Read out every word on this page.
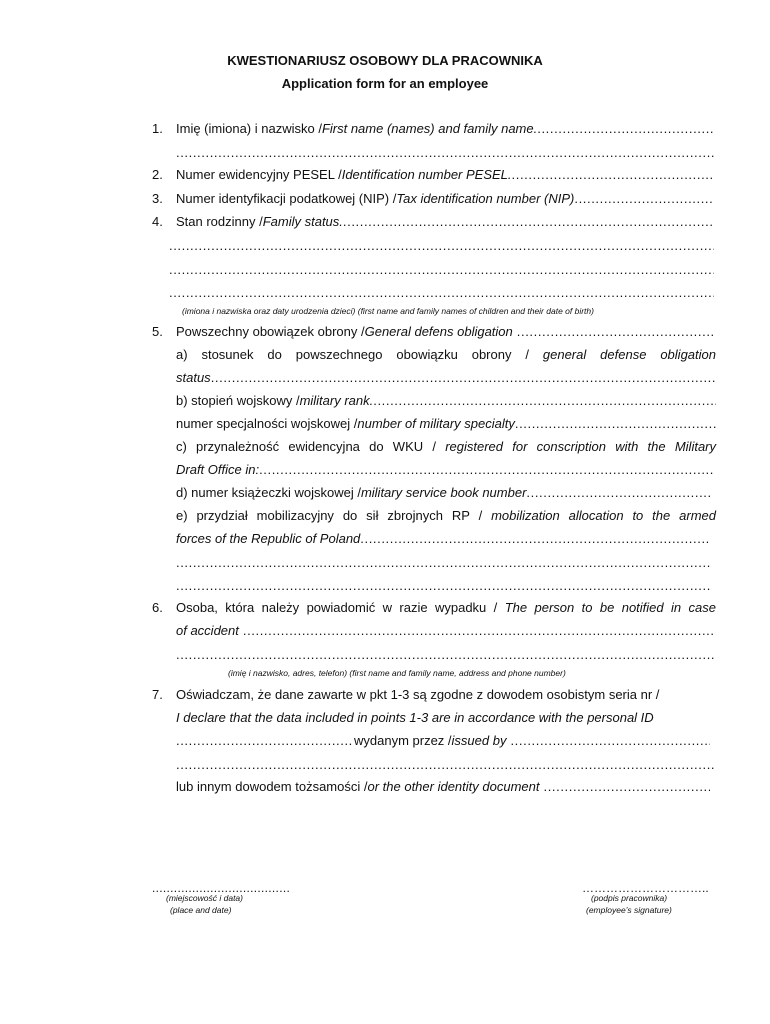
KWESTIONARIUSZ OSOBOWY DLA PRACOWNIKA
Application form for an employee
1. Imię (imiona) i nazwisko / First name (names) and family name.
.....
.....
2. Numer ewidencyjny PESEL / Identification number PESEL.
.....
3. Numer identyfikacji podatkowej (NIP) / Tax identification number (NIP)
.....
4. Stan rodzinny / Family status.
.....
.....
.....
.....
(imiona i nazwiska oraz daty urodzenia dzieci) (first name and family names of children and their date of birth)
5. Powszechny obowiązek obrony / General defens obligation
.....
a) stosunek do powszechnego obowiązku obrony / general defense obligation
status
.....
b) stopień wojskowy / military rank.
.....
numer specjalności wojskowej / number of military specialty
.....
c) przynależność ewidencyjna do WKU / registered for conscription with the Military
Draft Office in:
.....
d) numer książeczki wojskowej / military service book number
.....
e) przydział mobilizacyjny do sił zbrojnych RP / mobilization allocation to the armed
forces of the Republic of Poland
.....
.....
.....
6. Osoba, która należy powiadomić w razie wypadku / The person to be notified in case
of accident
.....
.....
(imię i nazwisko, adres, telefon) (first name and family name, address and phone number)
7. Oświadczam, że dane zawarte w pkt 1-3 są zgodne z dowodem osobistym seria nr /
I declare that the data included in points 1-3 are in accordance with the personal ID
.....
wydanym przez / issued by
.....
.....
lub innym dowodem tożsamości / or the other identity document
.....
......................................
(miejscowość i data)
(place and date)
…………………………..
(podpis pracownika)
(employee’s signature)
